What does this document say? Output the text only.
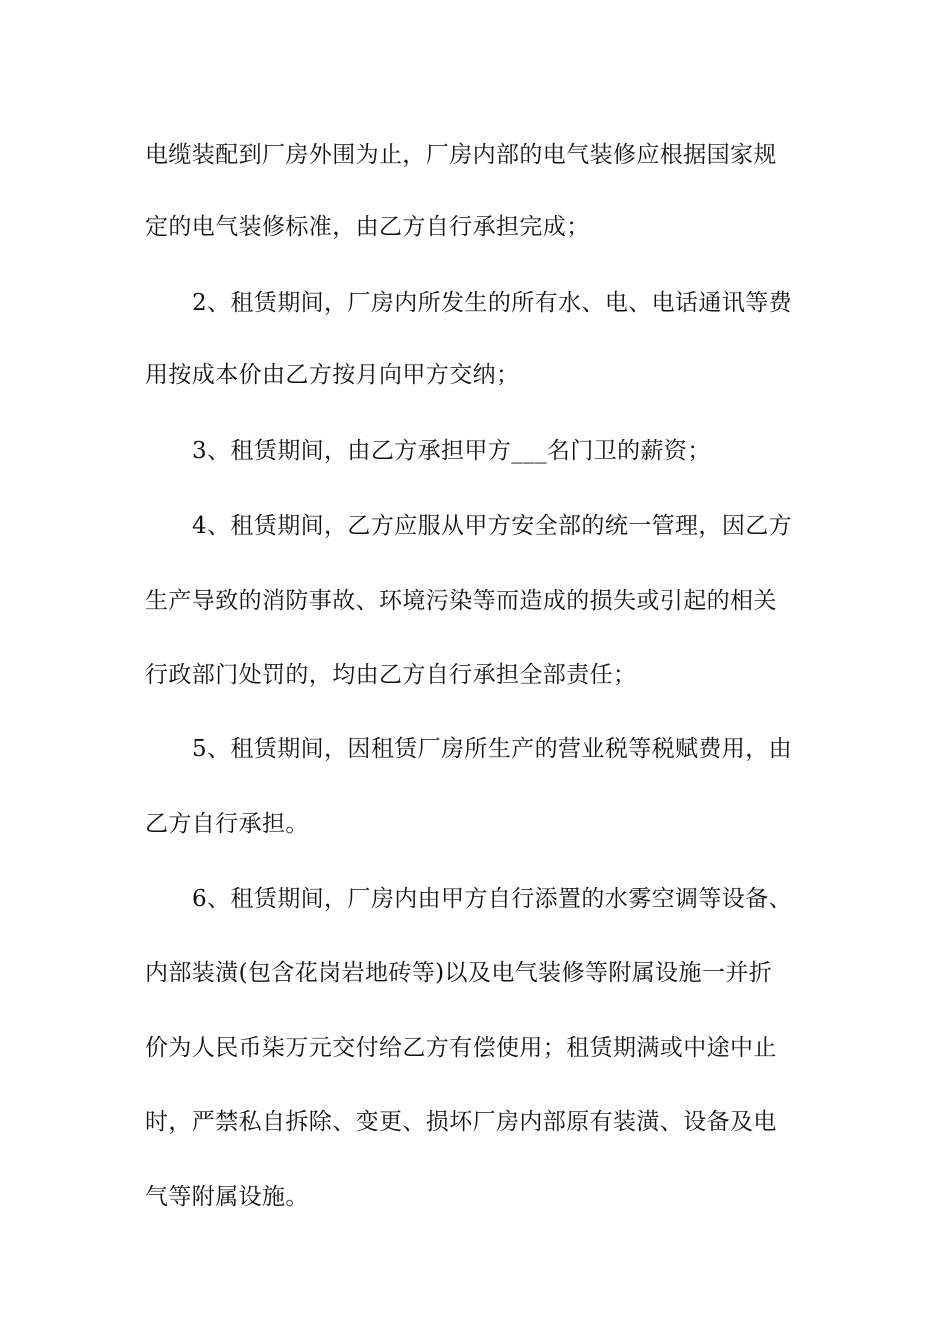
电缆装配到厂房外围为止，厂房内部的电气装修应根据国家规
定的电气装修标准，由乙方自行承担完成；
2、租赁期间，厂房内所发生的所有水、电、电话通讯等费
用按成本价由乙方按月向甲方交纳；
3、租赁期间，由乙方承担甲方___名门卫的薪资；
4、租赁期间，乙方应服从甲方安全部的统一管理，因乙方
生产导致的消防事故、环境污染等而造成的损失或引起的相关
行政部门处罚的，均由乙方自行承担全部责任；
5、租赁期间，因租赁厂房所生产的营业税等税赋费用，由
乙方自行承担。
6、租赁期间，厂房内由甲方自行添置的水雾空调等设备、
内部装潢(包含花岗岩地砖等)以及电气装修等附属设施一并折
价为人民币柒万元交付给乙方有偿使用；租赁期满或中途中止
时，严禁私自拆除、变更、损坏厂房内部原有装潢、设备及电
气等附属设施。
